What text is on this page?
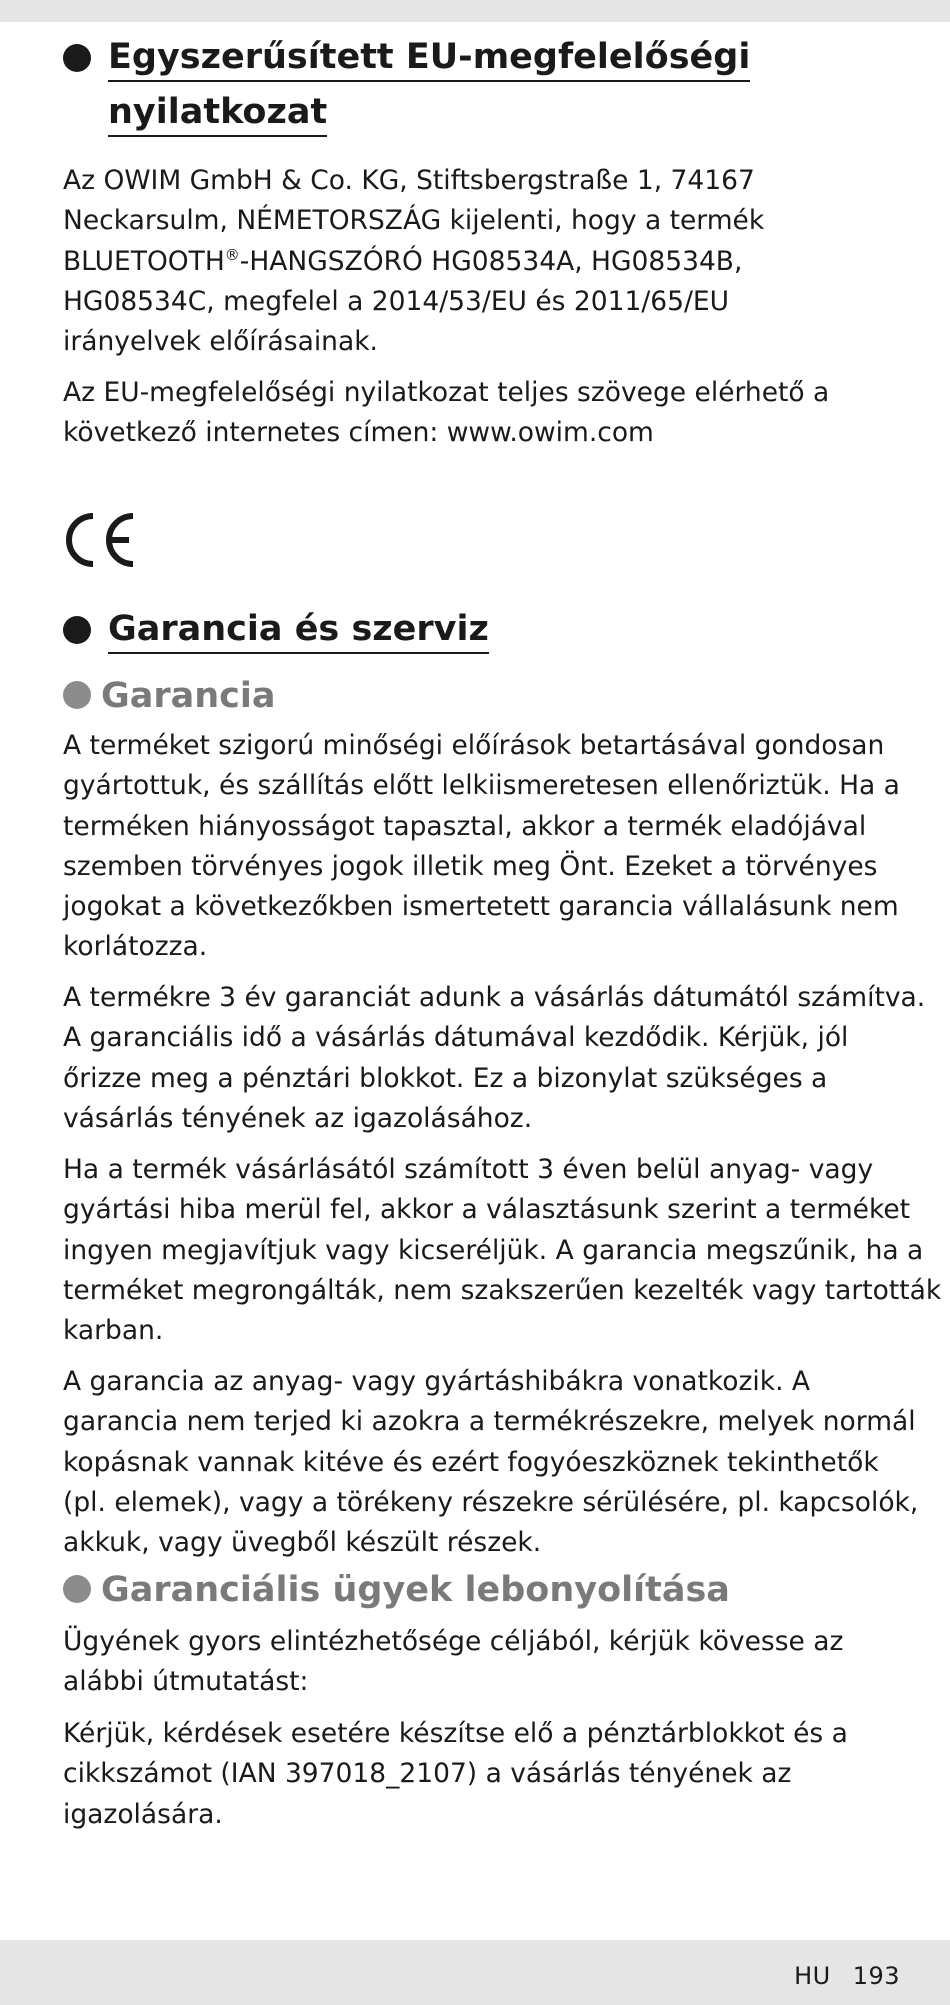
Egyszerűsített EU-megfelelőségi
nyilatkozat
Az OWIM GmbH & Co. KG, Stiftsbergstraße 1, 74167
Neckarsulm, NÉMETORSZÁG kijelenti, hogy a termék
BLUETOOTH®-HANGSZÓRÓ HG08534A, HG08534B,
HG08534C, megfelel a 2014/53/EU és 2011/65/EU
irányelvek előírásainak.
Az EU-megfelelőségi nyilatkozat teljes szövege elérhető a
következő internetes címen: www.owim.com
Garancia és szerviz
Garancia
A terméket szigorú minőségi előírások betartásával gondosan
gyártottuk, és szállítás előtt lelkiismeretesen ellenőriztük. Ha a
terméken hiányosságot tapasztal, akkor a termék eladójával
szemben törvényes jogok illetik meg Önt. Ezeket a törvényes
jogokat a következőkben ismertetett garancia vállalásunk nem
korlátozza.
A termékre 3 év garanciát adunk a vásárlás dátumától számítva.
A garanciális idő a vásárlás dátumával kezdődik. Kérjük, jól
őrizze meg a pénztári blokkot. Ez a bizonylat szükséges a
vásárlás tényének az igazolásához.
Ha a termék vásárlásától számított 3 éven belül anyag- vagy
gyártási hiba merül fel, akkor a választásunk szerint a terméket
ingyen megjavítjuk vagy kicseréljük. A garancia megszűnik, ha a
terméket megrongálták, nem szakszerűen kezelték vagy tartották
karban.
A garancia az anyag- vagy gyártáshibákra vonatkozik. A
garancia nem terjed ki azokra a termékrészekre, melyek normál
kopásnak vannak kitéve és ezért fogyóeszköznek tekinthetők
(pl. elemek), vagy a törékeny részekre sérülésére, pl. kapcsolók,
akkuk, vagy üvegből készült részek.
Garanciális ügyek lebonyolítása
Ügyének gyors elintézhetősége céljából, kérjük kövesse az
alábbi útmutatást:
Kérjük, kérdések esetére készítse elő a pénztárblokkot és a
cikkszámot (IAN 397018_2107) a vásárlás tényének az
igazolására.
HU 193
